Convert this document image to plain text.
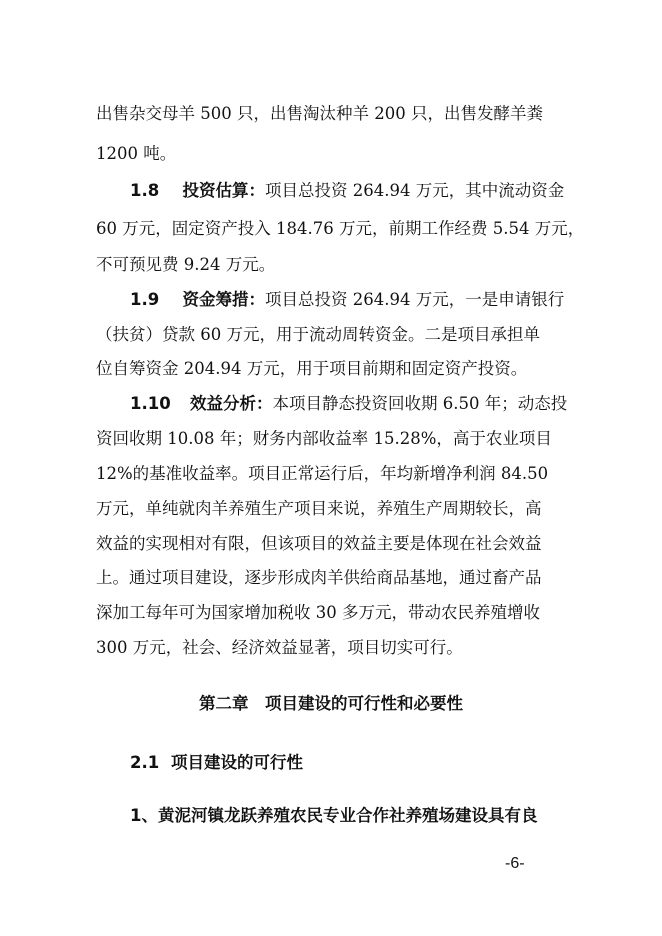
出售杂交母羊 500 只，出售淘汰种羊 200 只，出售发酵羊粪
1200 吨。
1.8 投资估算：项目总投资 264.94 万元，其中流动资金
60 万元，固定资产投入 184.76 万元，前期工作经费 5.54 万元，
不可预见费 9.24 万元。
1.9 资金筹措：项目总投资 264.94 万元，一是申请银行
（扶贫）贷款 60 万元，用于流动周转资金。二是项目承担单
位自筹资金 204.94 万元，用于项目前期和固定资产投资。
1.10 效益分析：本项目静态投资回收期 6.50 年；动态投
资回收期 10.08 年；财务内部收益率 15.28%，高于农业项目
12%的基准收益率。项目正常运行后，年均新增净利润 84.50
万元，单纯就肉羊养殖生产项目来说，养殖生产周期较长，高
效益的实现相对有限，但该项目的效益主要是体现在社会效益
上。通过项目建设，逐步形成肉羊供给商品基地，通过畜产品
深加工每年可为国家增加税收 30 多万元，带动农民养殖增收
300 万元，社会、经济效益显著，项目切实可行。
第二章　项目建设的可行性和必要性
2.1 项目建设的可行性
1、黄泥河镇龙跃养殖农民专业合作社养殖场建设具有良
-6-
